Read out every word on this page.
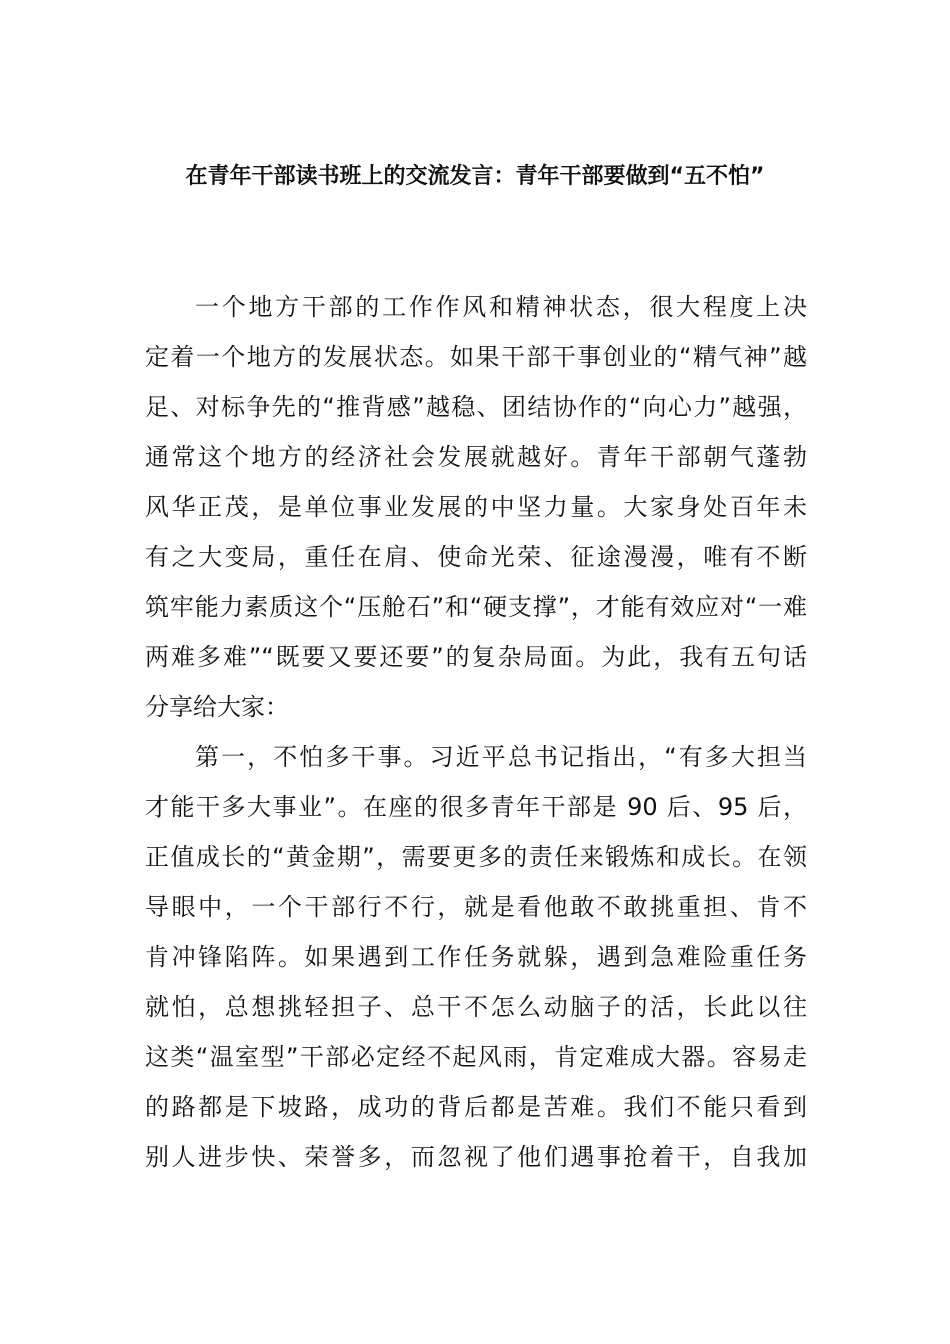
在青年干部读书班上的交流发言：青年干部要做到“五不怕”
一个地方干部的工作作风和精神状态，很大程度上决
定着一个地方的发展状态。如果干部干事创业的“精气神”越
足、对标争先的“推背感”越稳、团结协作的“向心力”越强，
通常这个地方的经济社会发展就越好。青年干部朝气蓬勃
风华正茂，是单位事业发展的中坚力量。大家身处百年未
有之大变局，重任在肩、使命光荣、征途漫漫，唯有不断
筑牢能力素质这个“压舱石”和“硬支撑”，才能有效应对“一难
两难多难”“既要又要还要”的复杂局面。为此，我有五句话
分享给大家：
第一，不怕多干事。习近平总书记指出，“有多大担当
才能干多大事业”。在座的很多青年干部是 90 后、95 后，
正值成长的“黄金期”，需要更多的责任来锻炼和成长。在领
导眼中，一个干部行不行，就是看他敢不敢挑重担、肯不
肯冲锋陷阵。如果遇到工作任务就躲，遇到急难险重任务
就怕，总想挑轻担子、总干不怎么动脑子的活，长此以往
这类“温室型”干部必定经不起风雨，肯定难成大器。容易走
的路都是下坡路，成功的背后都是苦难。我们不能只看到
别人进步快、荣誉多，而忽视了他们遇事抢着干，自我加
